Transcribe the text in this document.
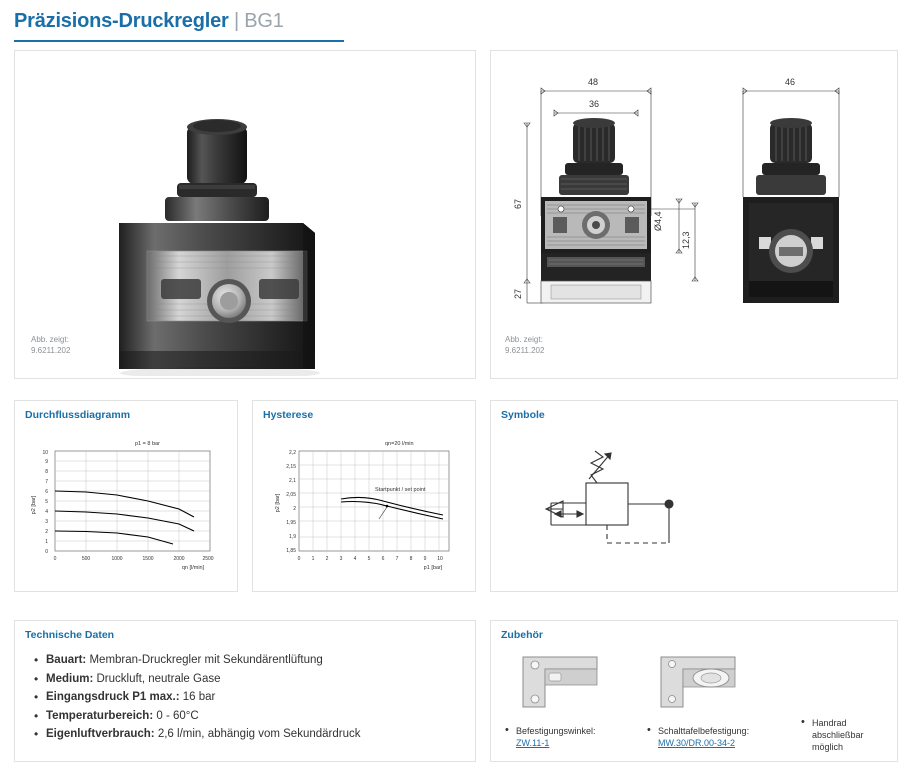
Präzisions-Druckregler | BG1
Abb. zeigt:
9.6211.202
48
36
67
27
Ø4,4
12,3
46
Abb. zeigt:
9.6211.202
Durchflussdiagramm
0
1
2
3
4
5
6
7
8
9
10
0	500	1000	1500	2000	2500
p2 [bar]
qn [l/min]
p1 = 8 bar
Hysterese
2,2
2,15
2,1
2,05
2
1,95
1,9
1,85
0 1 2 3 4 5 6 7 8 9 10
p2 [bar]
p1 [bar]
qn=20 l/min
Startpunkt / set point
Symbole
Technische Daten
• Bauart: Membran-Druckregler mit Sekundärentlüftung
• Medium: Druckluft, neutrale Gase
• Eingangsdruck P1 max.: 16 bar
• Temperaturbereich: 0 - 60°C
• Eigenluftverbrauch: 2,6 l/min, abhängig vom Sekundärdruck
Zubehör
• Befestigungswinkel:
ZW.11-1
• Schalttafelbefestigung:
MW.30/DR.00-34-2
• Handrad abschließbar möglich
